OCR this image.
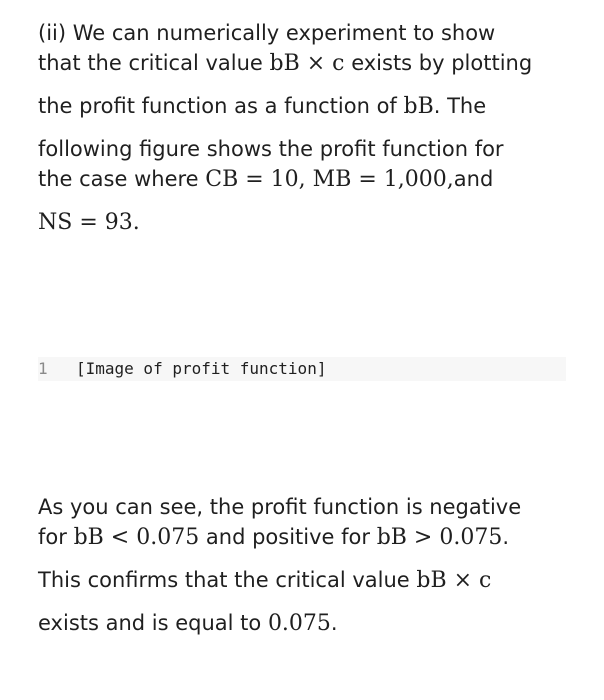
(ii) We can numerically experiment to show
that the critical value bB × c exists by plotting
the profit function as a function of bB. The
following figure shows the profit function for
the case where CB = 10, MB = 1,000,and
NS = 93.

1	[Image of profit function]

As you can see, the profit function is negative
for bB < 0.075 and positive for bB > 0.075.
This confirms that the critical value bB × c
exists and is equal to 0.075.
